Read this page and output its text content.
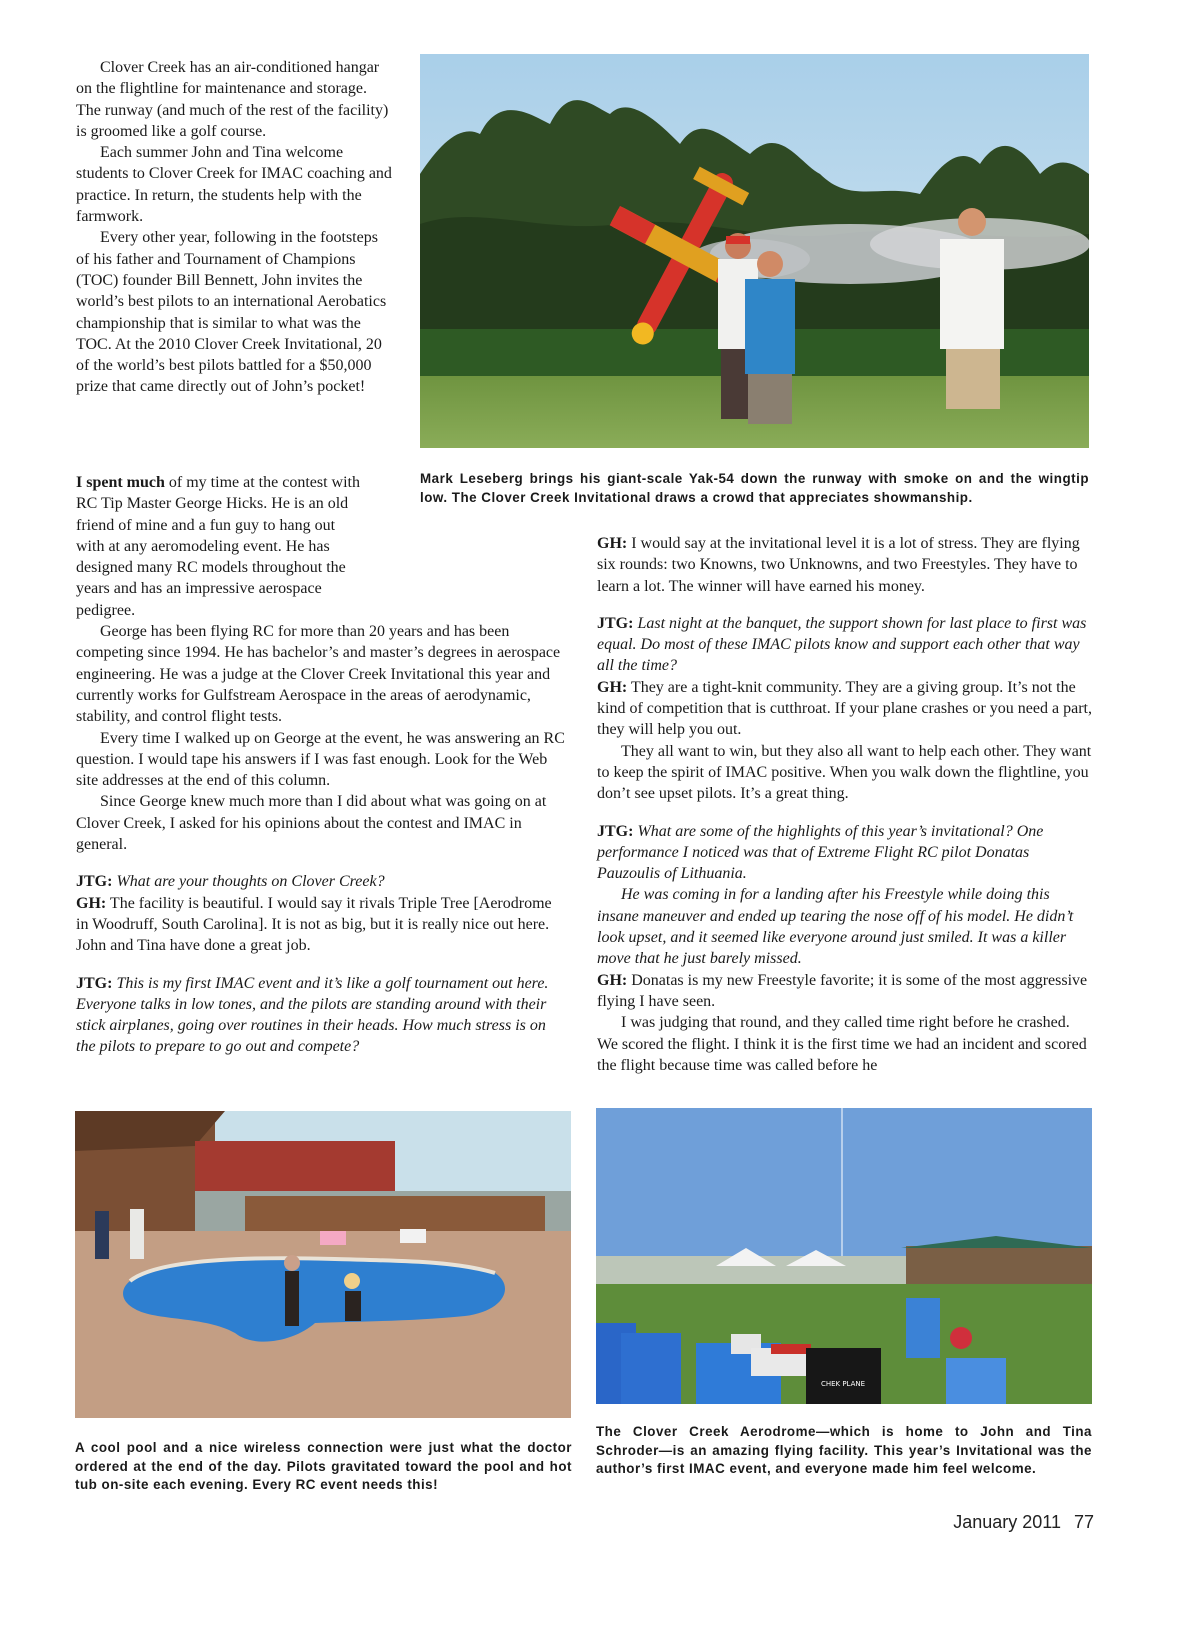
Clover Creek has an air-conditioned hangar on the flightline for maintenance and storage. The runway (and much of the rest of the facility) is groomed like a golf course.

Each summer John and Tina welcome students to Clover Creek for IMAC coaching and practice. In return, the students help with the farmwork.

Every other year, following in the footsteps of his father and Tournament of Champions (TOC) founder Bill Bennett, John invites the world’s best pilots to an international Aerobatics championship that is similar to what was the TOC. At the 2010 Clover Creek Invitational, 20 of the world’s best pilots battled for a $50,000 prize that came directly out of John’s pocket!

Mark Leseberg brings his giant-scale Yak-54 down the runway with smoke on and the wingtip low. The Clover Creek Invitational draws a crowd that appreciates showmanship.

I spent much of my time at the contest with RC Tip Master George Hicks. He is an old friend of mine and a fun guy to hang out with at any aeromodeling event. He has designed many RC models throughout the years and has an impressive aerospace pedigree.

George has been flying RC for more than 20 years and has been competing since 1994. He has bachelor’s and master’s degrees in aerospace engineering. He was a judge at the Clover Creek Invitational this year and currently works for Gulfstream Aerospace in the areas of aerodynamic, stability, and control flight tests.

Every time I walked up on George at the event, he was answering an RC question. I would tape his answers if I was fast enough. Look for the Web site addresses at the end of this column.

Since George knew much more than I did about what was going on at Clover Creek, I asked for his opinions about the contest and IMAC in general.

JTG: What are your thoughts on Clover Creek?

GH: The facility is beautiful. I would say it rivals Triple Tree [Aerodrome in Woodruff, South Carolina]. It is not as big, but it is really nice out here. John and Tina have done a great job.

JTG: This is my first IMAC event and it’s like a golf tournament out here. Everyone talks in low tones, and the pilots are standing around with their stick airplanes, going over routines in their heads. How much stress is on the pilots to prepare to go out and compete?

GH: I would say at the invitational level it is a lot of stress. They are flying six rounds: two Knowns, two Unknowns, and two Freestyles. They have to learn a lot. The winner will have earned his money.

JTG: Last night at the banquet, the support shown for last place to first was equal. Do most of these IMAC pilots know and support each other that way all the time?

GH: They are a tight-knit community. They are a giving group. It’s not the kind of competition that is cutthroat. If your plane crashes or you need a part, they will help you out.

They all want to win, but they also all want to help each other. They want to keep the spirit of IMAC positive. When you walk down the flightline, you don’t see upset pilots. It’s a great thing.

JTG: What are some of the highlights of this year’s invitational? One performance I noticed was that of Extreme Flight RC pilot Donatas Pauzoulis of Lithuania.

He was coming in for a landing after his Freestyle while doing this insane maneuver and ended up tearing the nose off of his model. He didn’t look upset, and it seemed like everyone around just smiled. It was a killer move that he just barely missed.

GH: Donatas is my new Freestyle favorite; it is some of the most aggressive flying I have seen.

I was judging that round, and they called time right before he crashed. We scored the flight. I think it is the first time we had an incident and scored the flight because time was called before he

A cool pool and a nice wireless connection were just what the doctor ordered at the end of the day. Pilots gravitated toward the pool and hot tub on-site each evening. Every RC event needs this!
CHEK PLANE
The Clover Creek Aerodrome—which is home to John and Tina Schroder—is an amazing flying facility. This year’s Invitational was the author’s first IMAC event, and everyone made him feel welcome.
January 2011 77
